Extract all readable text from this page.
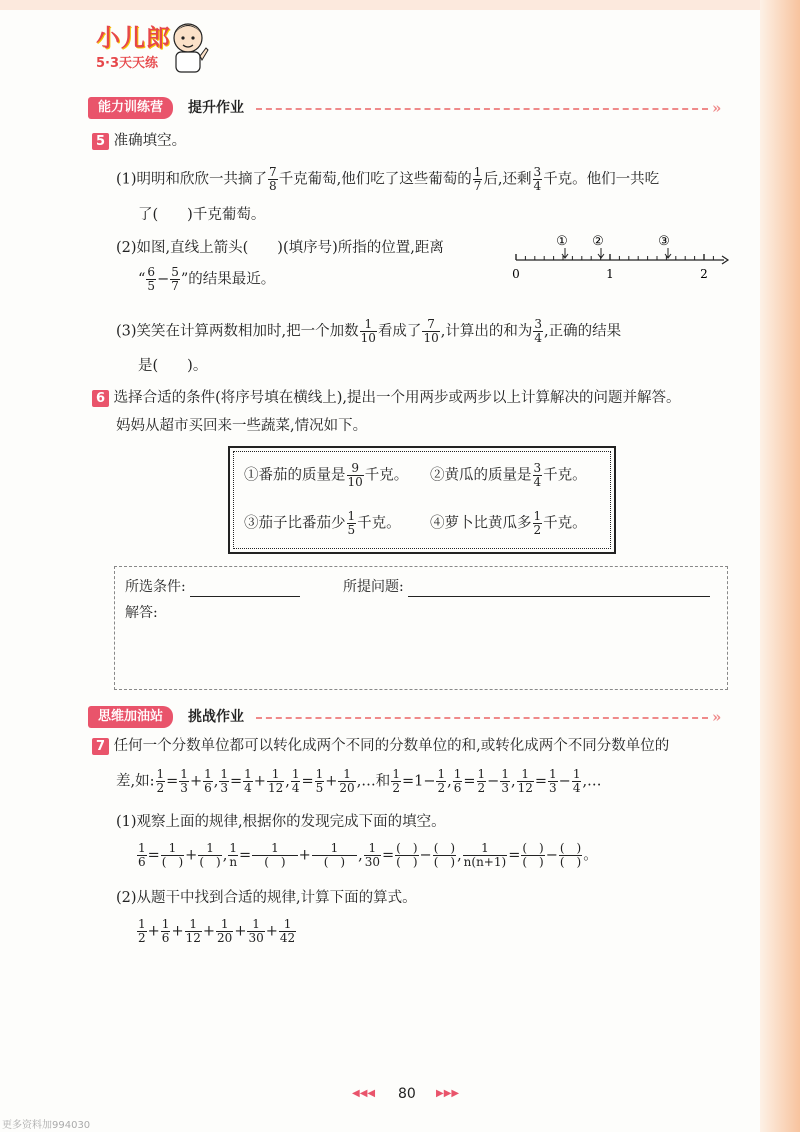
小儿郎
5·3天天练
能力训练营	提升作业	»
5 准确填空。
(1)明明和欣欣一共摘了 $\frac{7}{8}$ 千克葡萄,他们吃了这些葡萄的 $\frac{1}{7}$ 后,还剩 $\frac{3}{4}$ 千克。他们一共吃
了(　　)千克葡萄。
(2)如图,直线上箭头(　　)(填序号)所指的位置,距离
“ $\frac{6}{5} - \frac{5}{7}$ ”的结果最近。	0	1	2
① ②	③
(3)笑笑在计算两数相加时,把一个加数 $\frac{1}{10}$ 看成了 $\frac{7}{10}$ ,计算出的和为 $\frac{3}{4}$ ,正确的结果
是(　　)。
6 选择合适的条件(将序号填在横线上),提出一个用两步或两步以上计算解决的问题并解答。
妈妈从超市买回来一些蔬菜,情况如下。
①番茄的质量是 $\frac{9}{10}$ 千克。 ②黄瓜的质量是 $\frac{3}{4}$ 千克。
③茄子比番茄少 $\frac{1}{5}$ 千克。 ④萝卜比黄瓜多 $\frac{1}{2}$ 千克。
所选条件:	所提问题:
解答:
思维加油站	挑战作业	»
7 任何一个分数单位都可以转化成两个不同的分数单位的和,或转化成两个不同分数单位的
差,如: $\frac{1}{2} = \frac{1}{3} + \frac{1}{6}$ , $\frac{1}{3} = \frac{1}{4} + \frac{1}{12}$ , $\frac{1}{4} = \frac{1}{5} + \frac{1}{20}$ ,…和 $\frac{1}{2} =1- \frac{1}{2}$ , $\frac{1}{6} = \frac{1}{2} - \frac{1}{3}$ , $\frac{1}{12} = \frac{1}{3} - \frac{1}{4}$ ,…
(1)观察上面的规律,根据你的发现完成下面的填空。
$\frac{1}{6} = \frac{1}{( )} + \frac{1}{( )}$ , $\frac{1}{n} = \frac{1}{( )} + \frac{1}{( )}$ , $\frac{1}{30} = \frac{( )}{( )} - \frac{( )}{( )}$ , $\frac{1}{n(n+1)} = \frac{( )}{( )} - \frac{( )}{( )}$ 。
(2)从题干中找到合适的规律,计算下面的算式。
$\frac{1}{2} + \frac{1}{6} + \frac{1}{12} + \frac{1}{20} + \frac{1}{30} + \frac{1}{42}$
◀◀◀ 80 ▶▶▶
更多资料加994030
